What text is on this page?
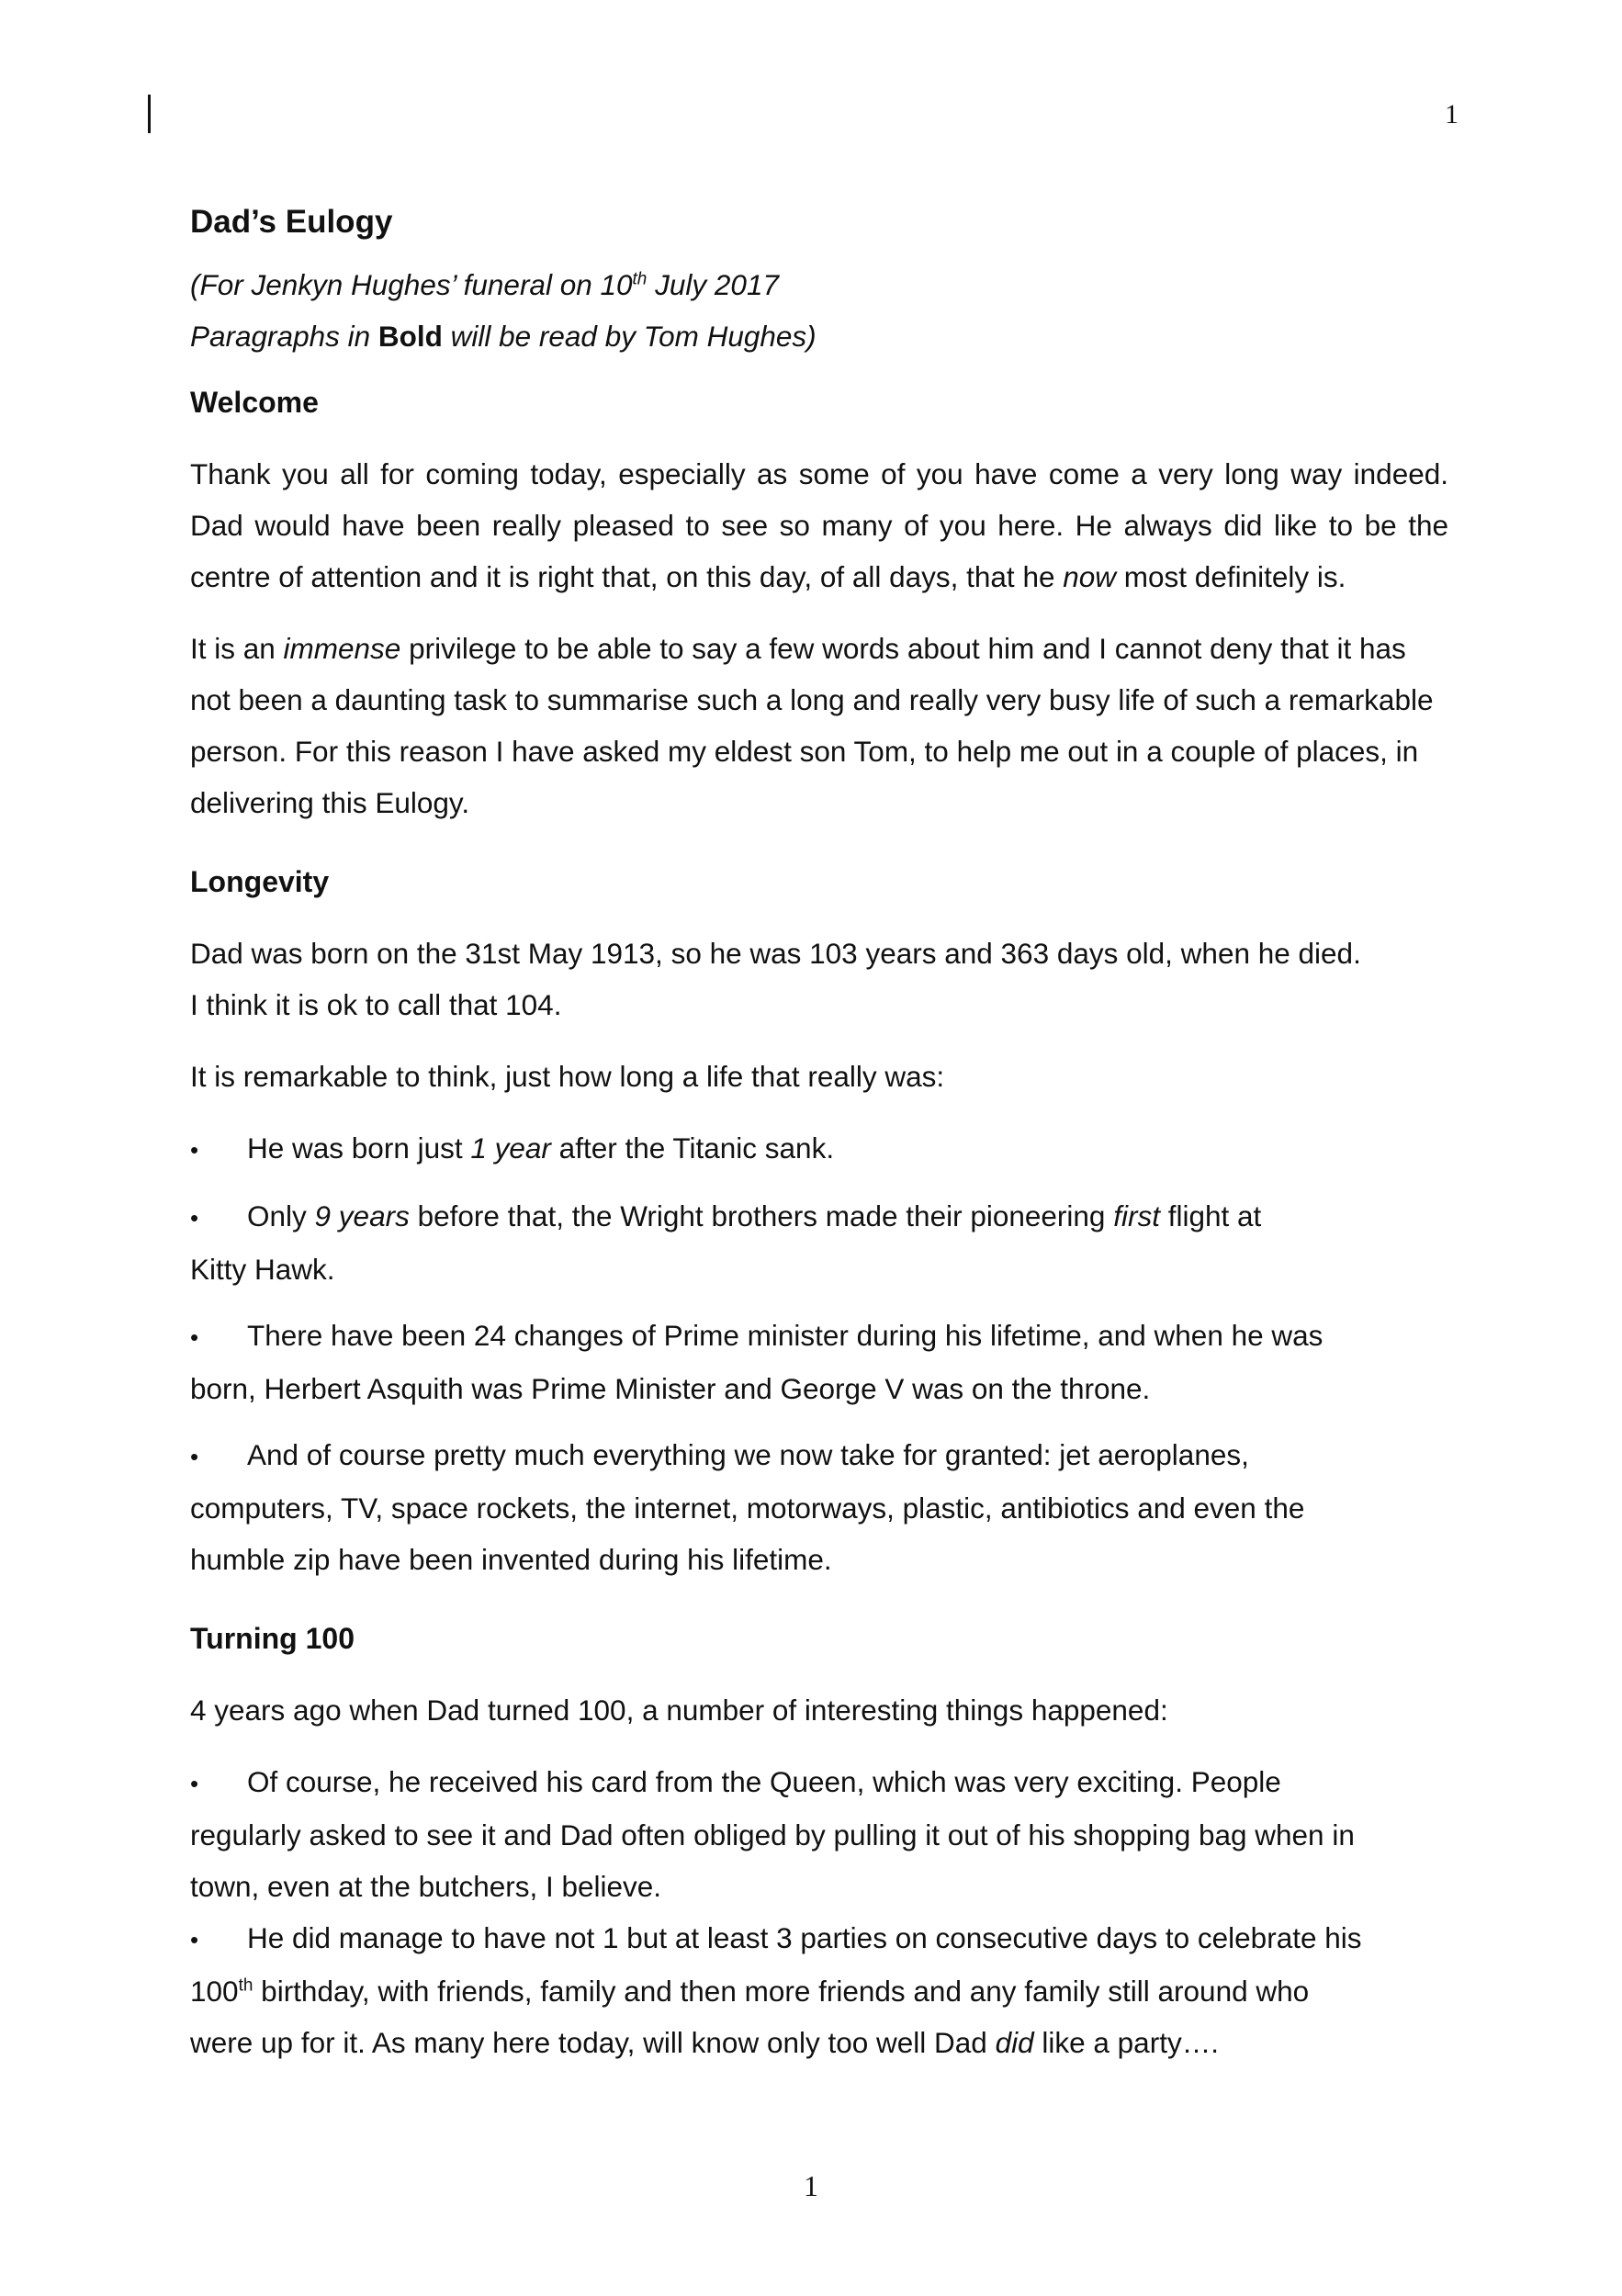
1
Dad’s Eulogy

(For Jenkyn Hughes’ funeral on 10th July 2017

Paragraphs in Bold will be read by Tom Hughes)

Welcome

Thank you all for coming today, especially as some of you have come a very long way indeed. Dad would have been really pleased to see so many of you here. He always did like to be the centre of attention and it is right that, on this day, of all days, that he now most definitely is.

It is an immense privilege to be able to say a few words about him and I cannot deny that it has not been a daunting task to summarise such a long and really very busy life of such a remarkable person. For this reason I have asked my eldest son Tom, to help me out in a couple of places, in delivering this Eulogy.

Longevity

Dad was born on the 31st May 1913, so he was 103 years and 363 days old, when he died.

I think it is ok to call that 104.

It is remarkable to think, just how long a life that really was:

• He was born just 1 year after the Titanic sank.

• Only 9 years before that, the Wright brothers made their pioneering first flight at

Kitty Hawk.

• There have been 24 changes of Prime minister during his lifetime, and when he was

born, Herbert Asquith was Prime Minister and George V was on the throne.

• And of course pretty much everything we now take for granted: jet aeroplanes,

computers, TV, space rockets, the internet, motorways, plastic, antibiotics and even the

humble zip have been invented during his lifetime.

Turning 100

4 years ago when Dad turned 100, a number of interesting things happened:

• Of course, he received his card from the Queen, which was very exciting. People

regularly asked to see it and Dad often obliged by pulling it out of his shopping bag when in

town, even at the butchers, I believe.

• He did manage to have not 1 but at least 3 parties on consecutive days to celebrate his

100th birthday, with friends, family and then more friends and any family still around who

were up for it. As many here today, will know only too well Dad did like a party….

1
